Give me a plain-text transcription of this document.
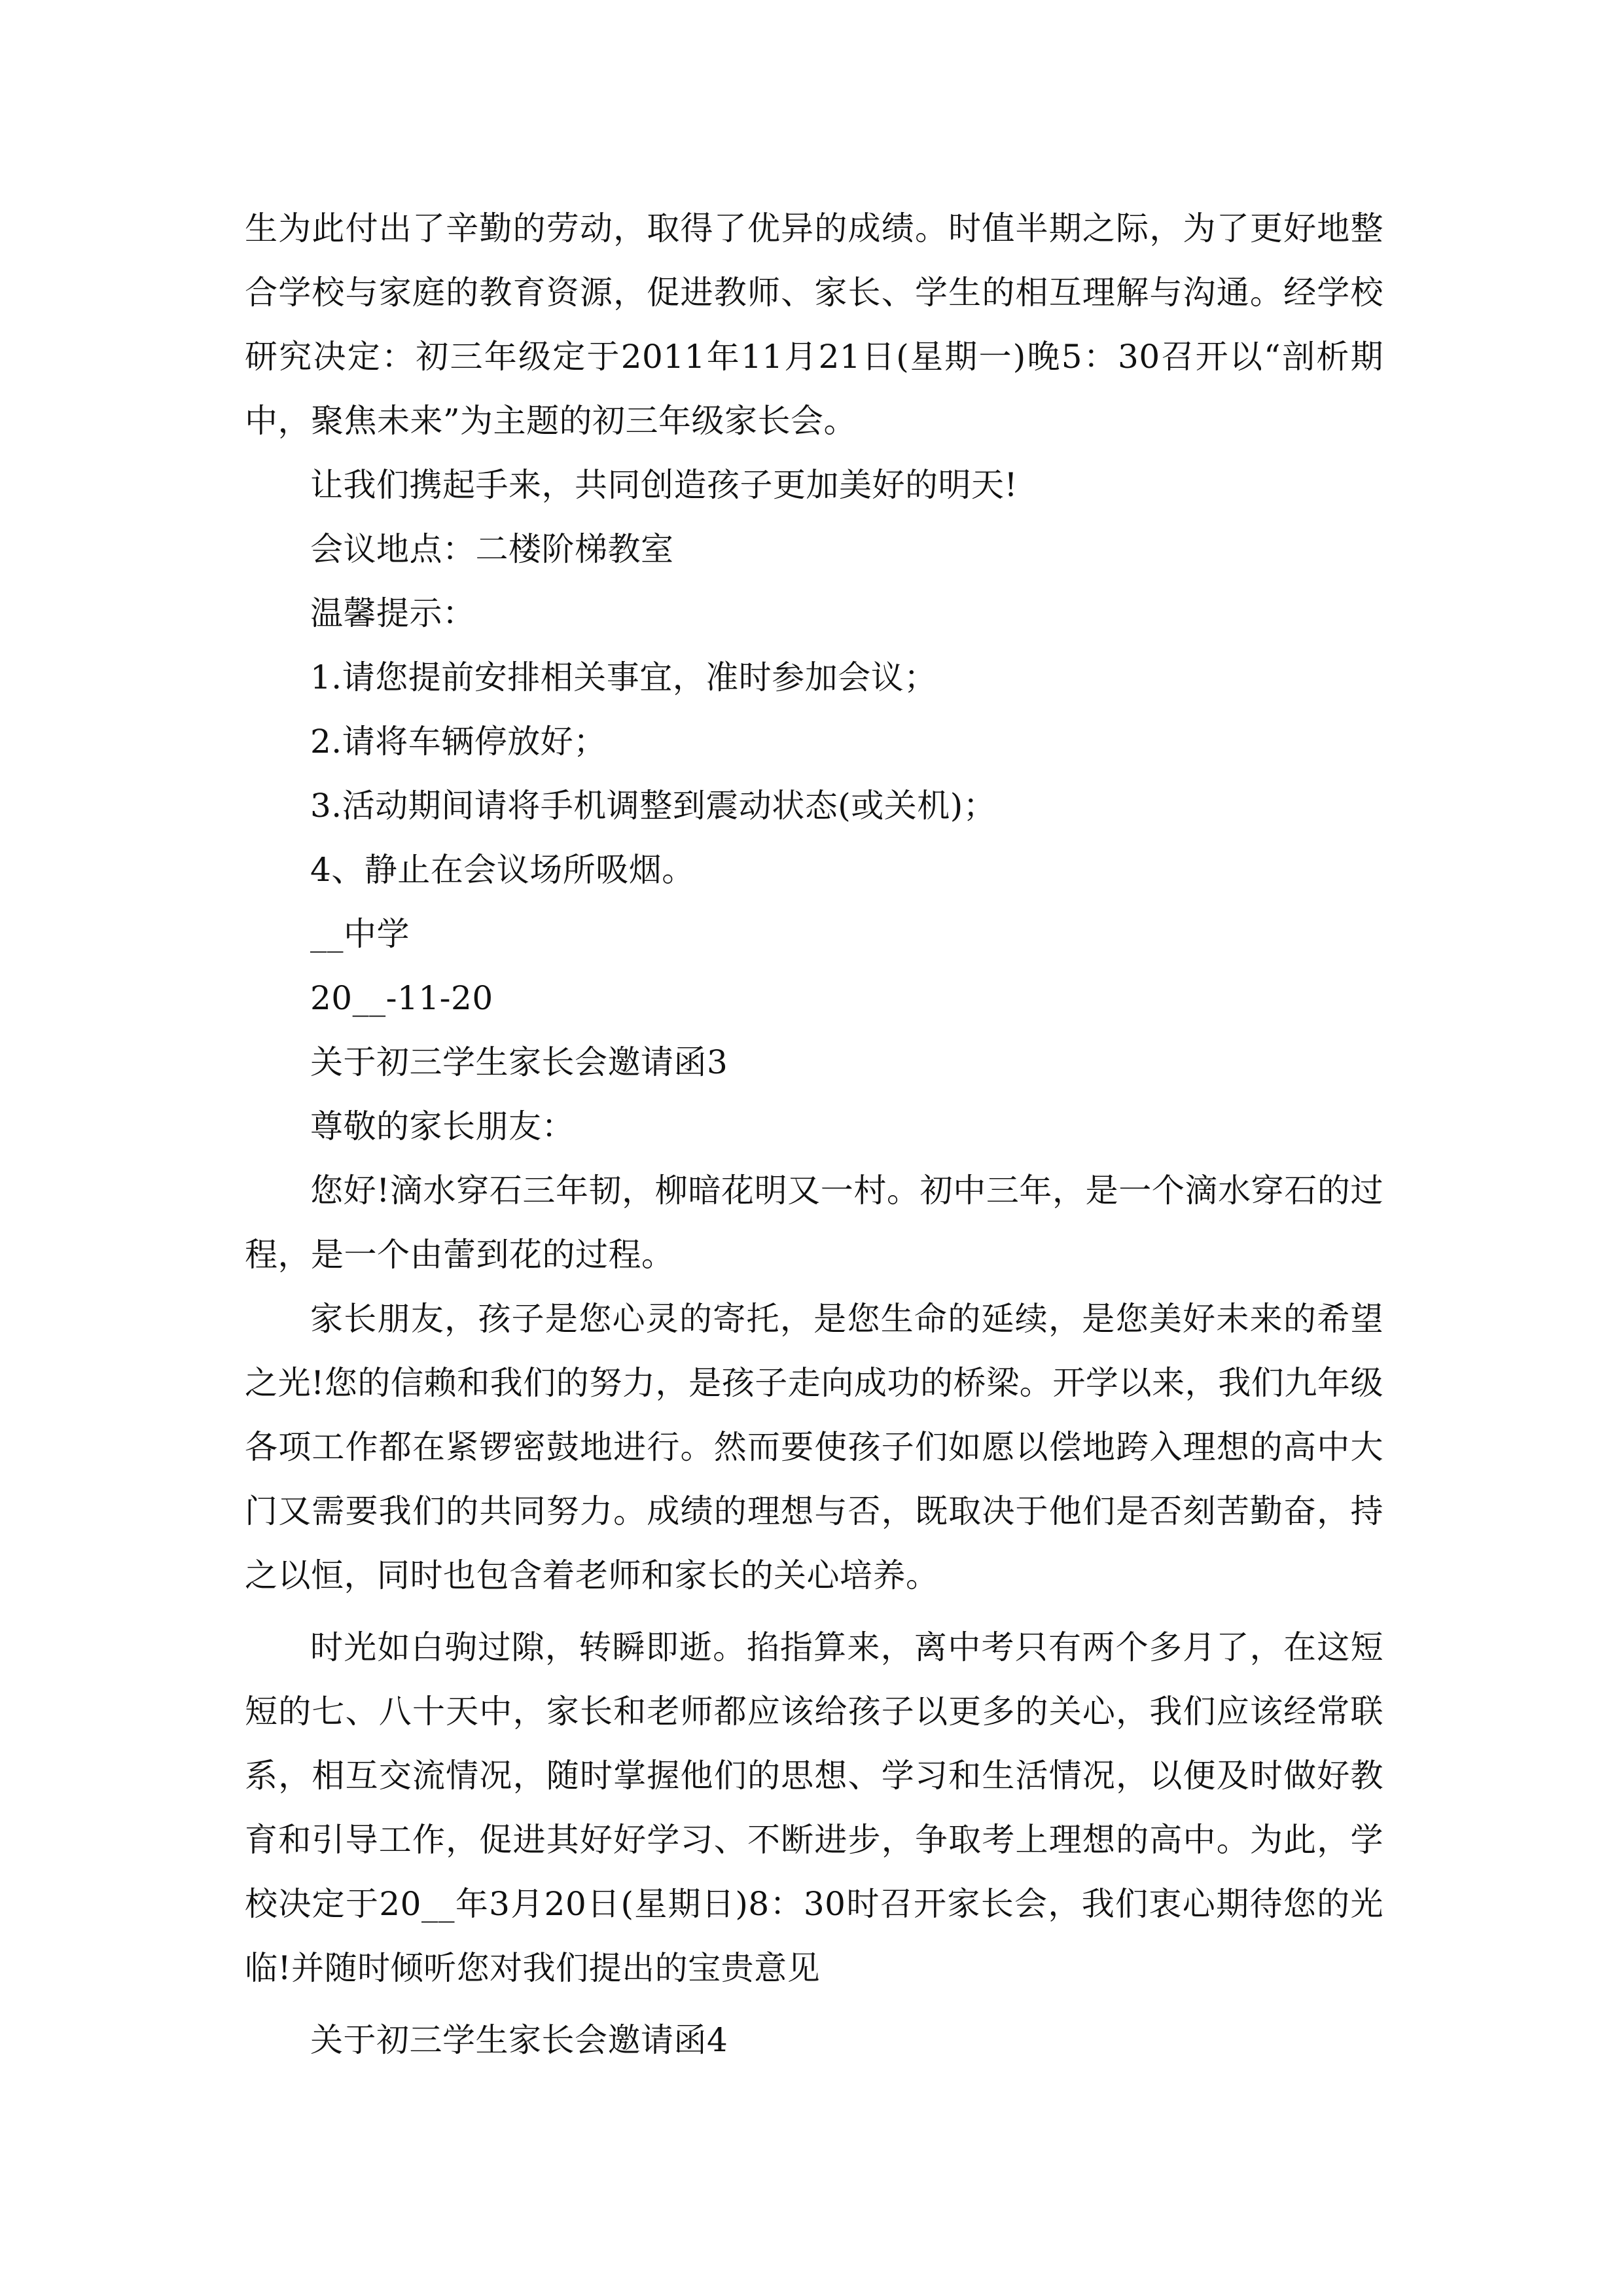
生为此付出了辛勤的劳动，取得了优异的成绩。时值半期之际，为了更好地整合学校与家庭的教育资源，促进教师、家长、学生的相互理解与沟通。经学校研究决定：初三年级定于2011年11月21日(星期一)晚5：30召开以“剖析期中，聚焦未来”为主题的初三年级家长会。

让我们携起手来，共同创造孩子更加美好的明天!

会议地点：二楼阶梯教室

温馨提示：

1.请您提前安排相关事宜，准时参加会议；

2.请将车辆停放好；

3.活动期间请将手机调整到震动状态(或关机)；

4、静止在会议场所吸烟。

__中学

20__-11-20

关于初三学生家长会邀请函3

尊敬的家长朋友：

您好!滴水穿石三年韧，柳暗花明又一村。初中三年，是一个滴水穿石的过程，是一个由蕾到花的过程。

家长朋友，孩子是您心灵的寄托，是您生命的延续，是您美好未来的希望之光!您的信赖和我们的努力，是孩子走向成功的桥梁。开学以来，我们九年级各项工作都在紧锣密鼓地进行。然而要使孩子们如愿以偿地跨入理想的高中大门又需要我们的共同努力。成绩的理想与否，既取决于他们是否刻苦勤奋，持之以恒，同时也包含着老师和家长的关心培养。

时光如白驹过隙，转瞬即逝。掐指算来，离中考只有两个多月了，在这短短的七、八十天中，家长和老师都应该给孩子以更多的关心，我们应该经常联系，相互交流情况，随时掌握他们的思想、学习和生活情况，以便及时做好教育和引导工作，促进其好好学习、不断进步，争取考上理想的高中。为此，学校决定于20__年3月20日(星期日)8：30时召开家长会，我们衷心期待您的光临!并随时倾听您对我们提出的宝贵意见

关于初三学生家长会邀请函4
